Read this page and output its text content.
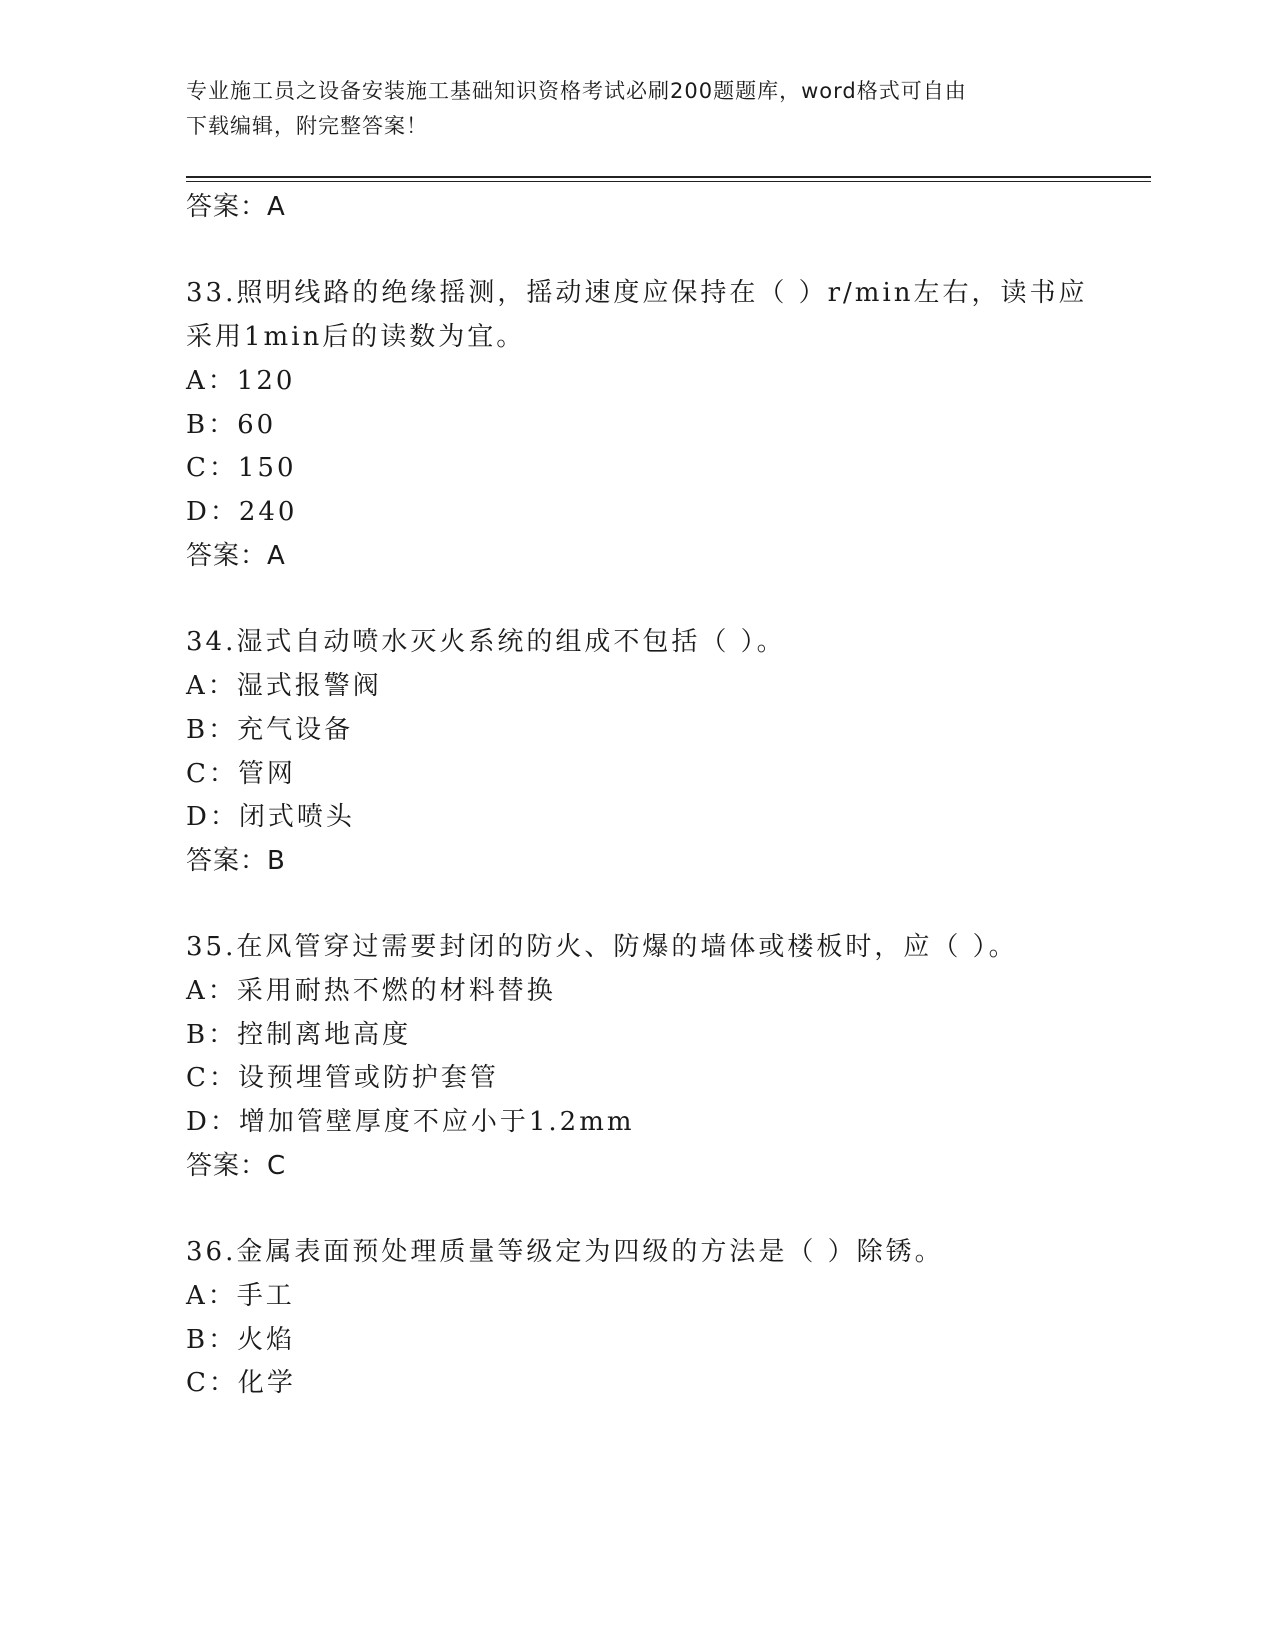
专业施工员之设备安装施工基础知识资格考试必刷200题题库，word格式可自由
下载编辑，附完整答案！
答案：A
33.照明线路的绝缘摇测，摇动速度应保持在（ ）r/min左右，读书应
采用1min后的读数为宜。
A：120
B：60
C：150
D：240
答案：A
34.湿式自动喷水灭火系统的组成不包括（ ）。
A：湿式报警阀
B：充气设备
C：管网
D：闭式喷头
答案：B
35.在风管穿过需要封闭的防火、防爆的墙体或楼板时，应（ ）。
A：采用耐热不燃的材料替换
B：控制离地高度
C：设预埋管或防护套管
D：增加管壁厚度不应小于1.2mm
答案：C
36.金属表面预处理质量等级定为四级的方法是（ ）除锈。
A：手工
B：火焰
C：化学
